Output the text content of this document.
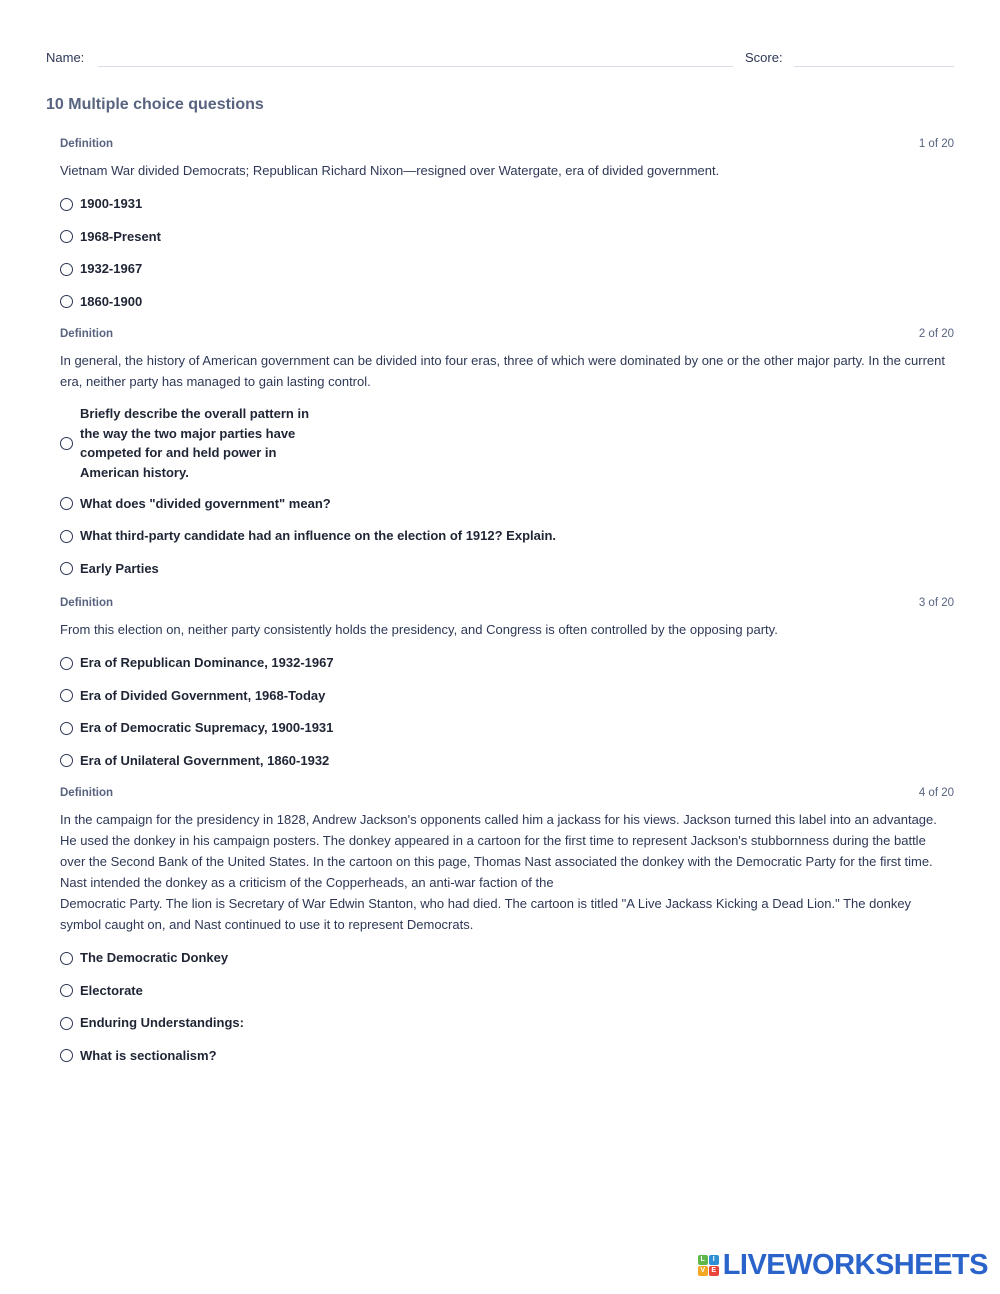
Name:	Score:
10 Multiple choice questions
Definition	1 of 20
Vietnam War divided Democrats; Republican Richard Nixon—resigned over Watergate, era of divided government.
1900-1931
1968-Present
1932-1967
1860-1900
Definition	2 of 20
In general, the history of American government can be divided into four eras, three of which were dominated by one or the other major party. In the current era, neither party has managed to gain lasting control.
Briefly describe the overall pattern in the way the two major parties have competed for and held power in American history.
What does "divided government" mean?
What third-party candidate had an influence on the election of 1912? Explain.
Early Parties
Definition	3 of 20
From this election on, neither party consistently holds the presidency, and Congress is often controlled by the opposing party.
Era of Republican Dominance, 1932-1967
Era of Divided Government, 1968-Today
Era of Democratic Supremacy, 1900-1931
Era of Unilateral Government, 1860-1932
Definition	4 of 20
In the campaign for the presidency in 1828, Andrew Jackson's opponents called him a jackass for his views. Jackson turned this label into an advantage. He used the donkey in his campaign posters. The donkey appeared in a cartoon for the first time to represent Jackson's stubbornness during the battle over the Second Bank of the United States. In the cartoon on this page, Thomas Nast associated the donkey with the Democratic Party for the first time. Nast intended the donkey as a criticism of the Copperheads, an anti-war faction of the
Democratic Party. The lion is Secretary of War Edwin Stanton, who had died. The cartoon is titled "A Live Jackass Kicking a Dead Lion." The donkey symbol caught on, and Nast continued to use it to represent Democrats.
The Democratic Donkey
Electorate
Enduring Understandings:
What is sectionalism?
L	I
V E LIVEWORKSHEETS
